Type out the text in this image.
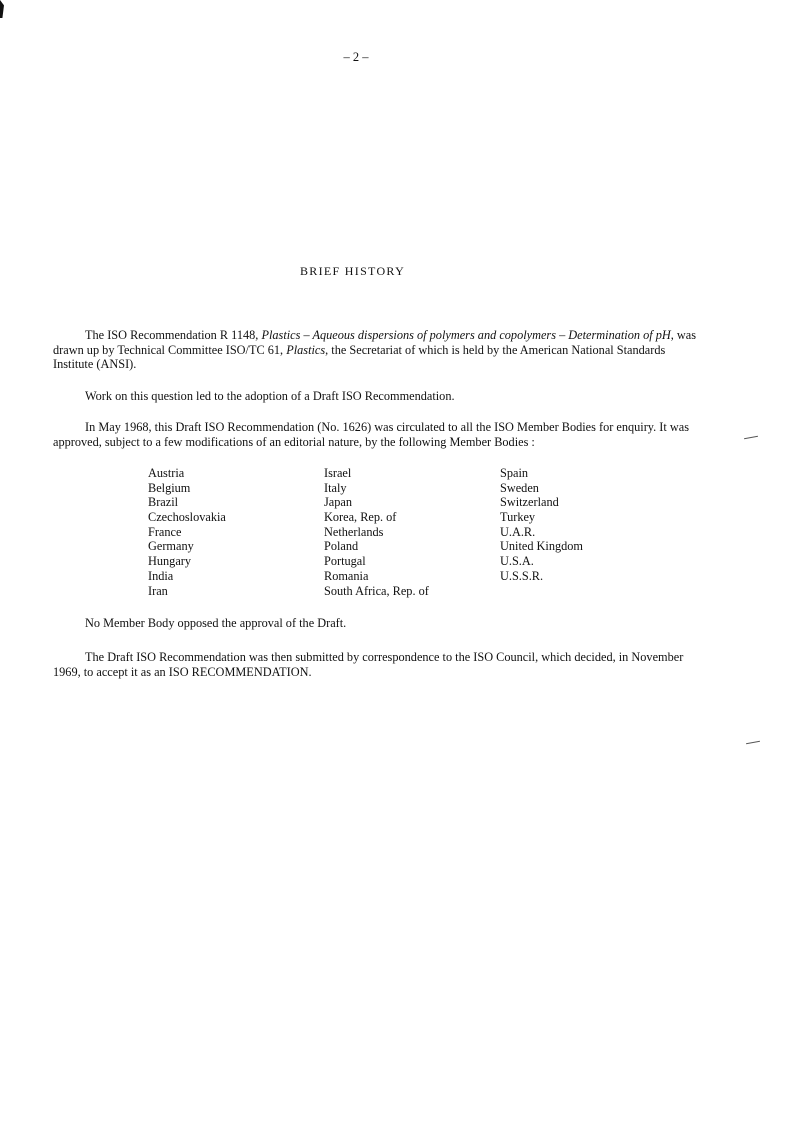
– 2 –
BRIEF HISTORY

The ISO Recommendation R 1148, Plastics – Aqueous dispersions of polymers and copolymers – Determination of pH, was drawn up by Technical Committee ISO/TC 61, Plastics, the Secretariat of which is held by the American National Standards Institute (ANSI).

Work on this question led to the adoption of a Draft ISO Recommendation.

In May 1968, this Draft ISO Recommendation (No. 1626) was circulated to all the ISO Member Bodies for enquiry. It was approved, subject to a few modifications of an editorial nature, by the following Member Bodies :

Austria
Belgium
Brazil
Czechoslovakia
France
Germany
Hungary
India
Iran
Israel
Italy
Japan
Korea, Rep. of
Netherlands
Poland
Portugal
Romania
South Africa, Rep. of
Spain
Sweden
Switzerland
Turkey
U.A.R.
United Kingdom
U.S.A.
U.S.S.R.

No Member Body opposed the approval of the Draft.

The Draft ISO Recommendation was then submitted by correspondence to the ISO Council, which decided, in November 1969, to accept it as an ISO RECOMMENDATION.
